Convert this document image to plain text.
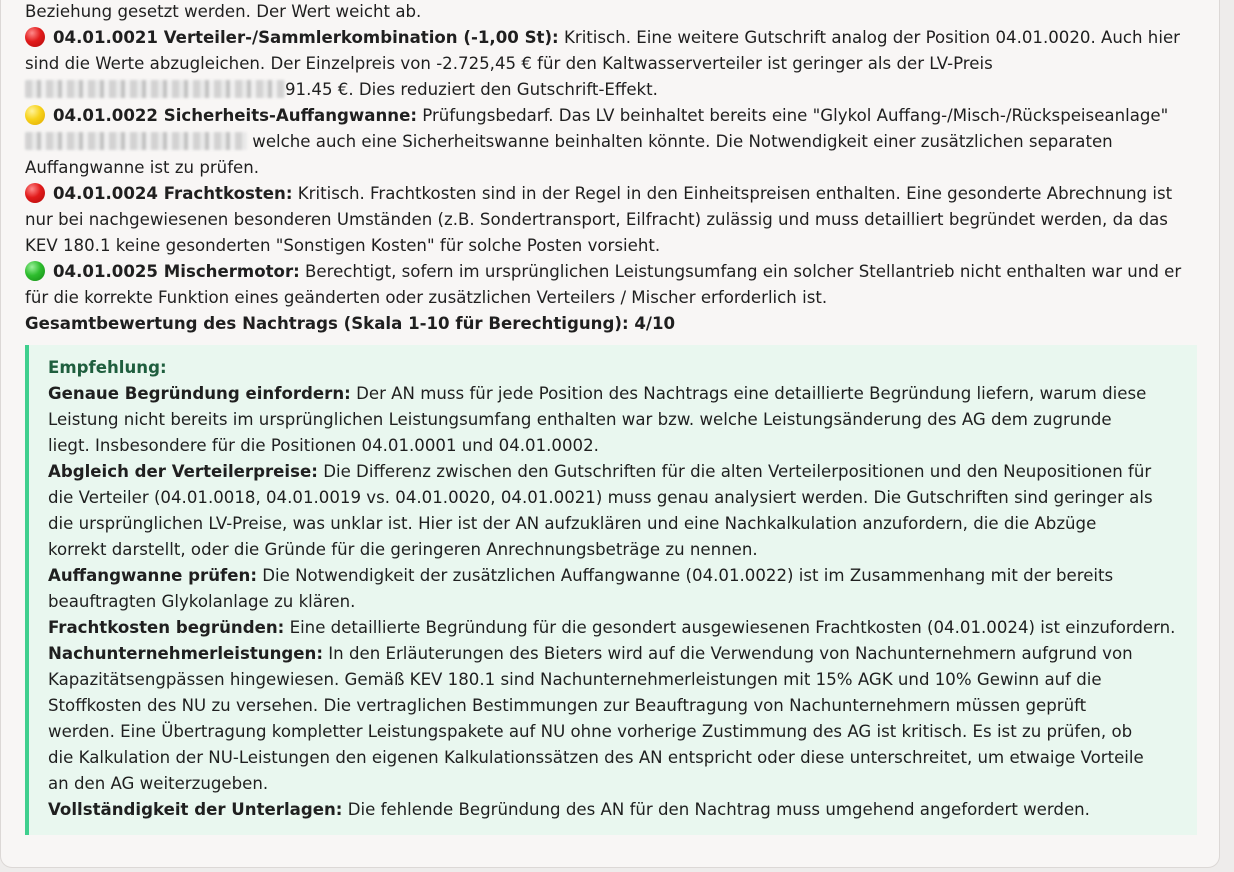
Beziehung gesetzt werden. Der Wert weicht ab.
04.01.0021 Verteiler-/Sammlerkombination (-1,00 St): Kritisch. Eine weitere Gutschrift analog der Position 04.01.0020. Auch hier
sind die Werte abzugleichen. Der Einzelpreis von -2.725,45 € für den Kaltwasserverteiler ist geringer als der LV-Preis
91.45 €. Dies reduziert den Gutschrift-Effekt.
04.01.0022 Sicherheits-Auffangwanne: Prüfungsbedarf. Das LV beinhaltet bereits eine "Glykol Auffang-/Misch-/Rückspeiseanlage"
welche auch eine Sicherheitswanne beinhalten könnte. Die Notwendigkeit einer zusätzlichen separaten
Auffangwanne ist zu prüfen.
04.01.0024 Frachtkosten: Kritisch. Frachtkosten sind in der Regel in den Einheitspreisen enthalten. Eine gesonderte Abrechnung ist
nur bei nachgewiesenen besonderen Umständen (z.B. Sondertransport, Eilfracht) zulässig und muss detailliert begründet werden, da das
KEV 180.1 keine gesonderten "Sonstigen Kosten" für solche Posten vorsieht.
04.01.0025 Mischermotor: Berechtigt, sofern im ursprünglichen Leistungsumfang ein solcher Stellantrieb nicht enthalten war und er
für die korrekte Funktion eines geänderten oder zusätzlichen Verteilers / Mischer erforderlich ist.
Gesamtbewertung des Nachtrags (Skala 1-10 für Berechtigung): 4/10
Empfehlung:
Genaue Begründung einfordern: Der AN muss für jede Position des Nachtrags eine detaillierte Begründung liefern, warum diese
Leistung nicht bereits im ursprünglichen Leistungsumfang enthalten war bzw. welche Leistungsänderung des AG dem zugrunde
liegt. Insbesondere für die Positionen 04.01.0001 und 04.01.0002.
Abgleich der Verteilerpreise: Die Differenz zwischen den Gutschriften für die alten Verteilerpositionen und den Neupositionen für
die Verteiler (04.01.0018, 04.01.0019 vs. 04.01.0020, 04.01.0021) muss genau analysiert werden. Die Gutschriften sind geringer als
die ursprünglichen LV-Preise, was unklar ist. Hier ist der AN aufzuklären und eine Nachkalkulation anzufordern, die die Abzüge
korrekt darstellt, oder die Gründe für die geringeren Anrechnungsbeträge zu nennen.
Auffangwanne prüfen: Die Notwendigkeit der zusätzlichen Auffangwanne (04.01.0022) ist im Zusammenhang mit der bereits
beauftragten Glykolanlage zu klären.
Frachtkosten begründen: Eine detaillierte Begründung für die gesondert ausgewiesenen Frachtkosten (04.01.0024) ist einzufordern.
Nachunternehmerleistungen: In den Erläuterungen des Bieters wird auf die Verwendung von Nachunternehmern aufgrund von
Kapazitätsengpässen hingewiesen. Gemäß KEV 180.1 sind Nachunternehmerleistungen mit 15% AGK und 10% Gewinn auf die
Stoffkosten des NU zu versehen. Die vertraglichen Bestimmungen zur Beauftragung von Nachunternehmern müssen geprüft
werden. Eine Übertragung kompletter Leistungspakete auf NU ohne vorherige Zustimmung des AG ist kritisch. Es ist zu prüfen, ob
die Kalkulation der NU-Leistungen den eigenen Kalkulationssätzen des AN entspricht oder diese unterschreitet, um etwaige Vorteile
an den AG weiterzugeben.
Vollständigkeit der Unterlagen: Die fehlende Begründung des AN für den Nachtrag muss umgehend angefordert werden.
